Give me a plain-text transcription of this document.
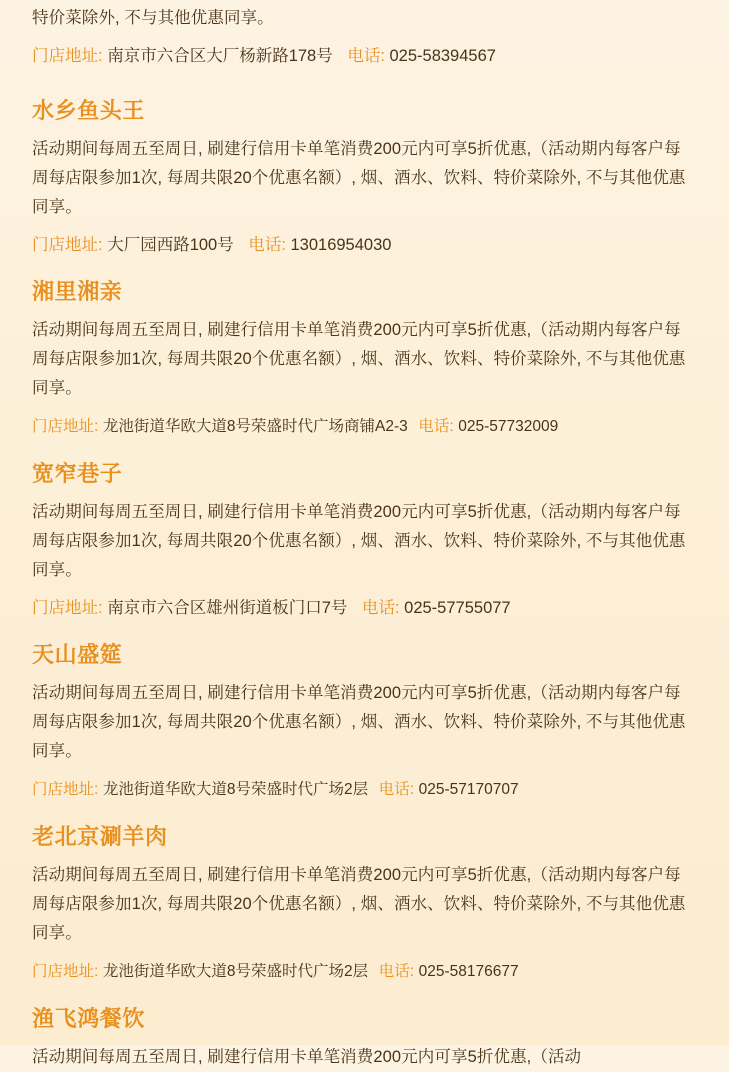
特价菜除外, 不与其他优惠同享。

门店地址: 南京市六合区大厂杨新路178号 电话: 025-58394567
水乡鱼头王

活动期间每周五至周日, 刷建行信用卡单笔消费200元内可享5折优惠,（活动期内每客户每周每店限参加1次, 每周共限20个优惠名额）, 烟、酒水、饮料、特价菜除外, 不与其他优惠同享。

门店地址: 大厂园西路100号 电话: 13016954030
湘里湘亲

活动期间每周五至周日, 刷建行信用卡单笔消费200元内可享5折优惠,（活动期内每客户每周每店限参加1次, 每周共限20个优惠名额）, 烟、酒水、饮料、特价菜除外, 不与其他优惠同享。

门店地址: 龙池街道华欧大道8号荣盛时代广场商铺A2-3 电话: 025-57732009
宽窄巷子

活动期间每周五至周日, 刷建行信用卡单笔消费200元内可享5折优惠,（活动期内每客户每周每店限参加1次, 每周共限20个优惠名额）, 烟、酒水、饮料、特价菜除外, 不与其他优惠同享。

门店地址: 南京市六合区雄州街道板门口7号 电话: 025-57755077
天山盛筵

活动期间每周五至周日, 刷建行信用卡单笔消费200元内可享5折优惠,（活动期内每客户每周每店限参加1次, 每周共限20个优惠名额）, 烟、酒水、饮料、特价菜除外, 不与其他优惠同享。

门店地址: 龙池街道华欧大道8号荣盛时代广场2层 电话: 025-57170707
老北京涮羊肉

活动期间每周五至周日, 刷建行信用卡单笔消费200元内可享5折优惠,（活动期内每客户每周每店限参加1次, 每周共限20个优惠名额）, 烟、酒水、饮料、特价菜除外, 不与其他优惠同享。

门店地址: 龙池街道华欧大道8号荣盛时代广场2层 电话: 025-58176677
渔飞鸿餐饮

活动期间每周五至周日, 刷建行信用卡单笔消费200元内可享5折优惠,（活动
